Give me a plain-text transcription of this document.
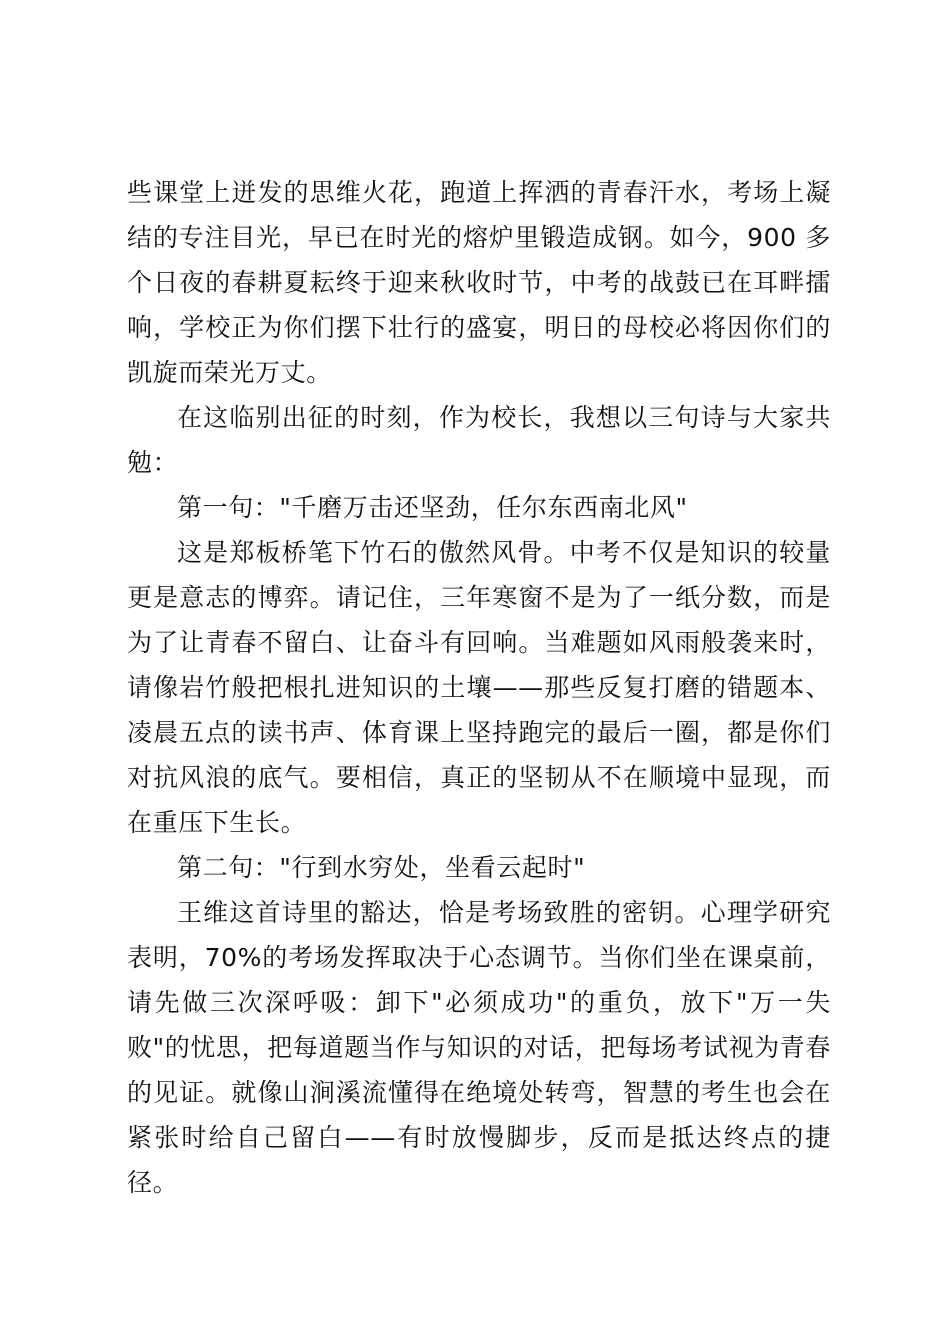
些课堂上迸发的思维火花，跑道上挥洒的青春汗水，考场上凝结的专注目光，早已在时光的熔炉里锻造成钢。如今，900 多个日夜的春耕夏耘终于迎来秋收时节，中考的战鼓已在耳畔擂响，学校正为你们摆下壮行的盛宴，明日的母校必将因你们的凯旋而荣光万丈。

在这临别出征的时刻，作为校长，我想以三句诗与大家共勉：

第一句："千磨万击还坚劲，任尔东西南北风"

这是郑板桥笔下竹石的傲然风骨。中考不仅是知识的较量更是意志的博弈。请记住，三年寒窗不是为了一纸分数，而是为了让青春不留白、让奋斗有回响。当难题如风雨般袭来时，请像岩竹般把根扎进知识的土壤——那些反复打磨的错题本、凌晨五点的读书声、体育课上坚持跑完的最后一圈，都是你们对抗风浪的底气。要相信，真正的坚韧从不在顺境中显现，而在重压下生长。

第二句："行到水穷处，坐看云起时"

王维这首诗里的豁达，恰是考场致胜的密钥。心理学研究表明，70%的考场发挥取决于心态调节。当你们坐在课桌前，请先做三次深呼吸：卸下"必须成功"的重负，放下"万一失败"的忧思，把每道题当作与知识的对话，把每场考试视为青春的见证。就像山涧溪流懂得在绝境处转弯，智慧的考生也会在紧张时给自己留白——有时放慢脚步，反而是抵达终点的捷径。
